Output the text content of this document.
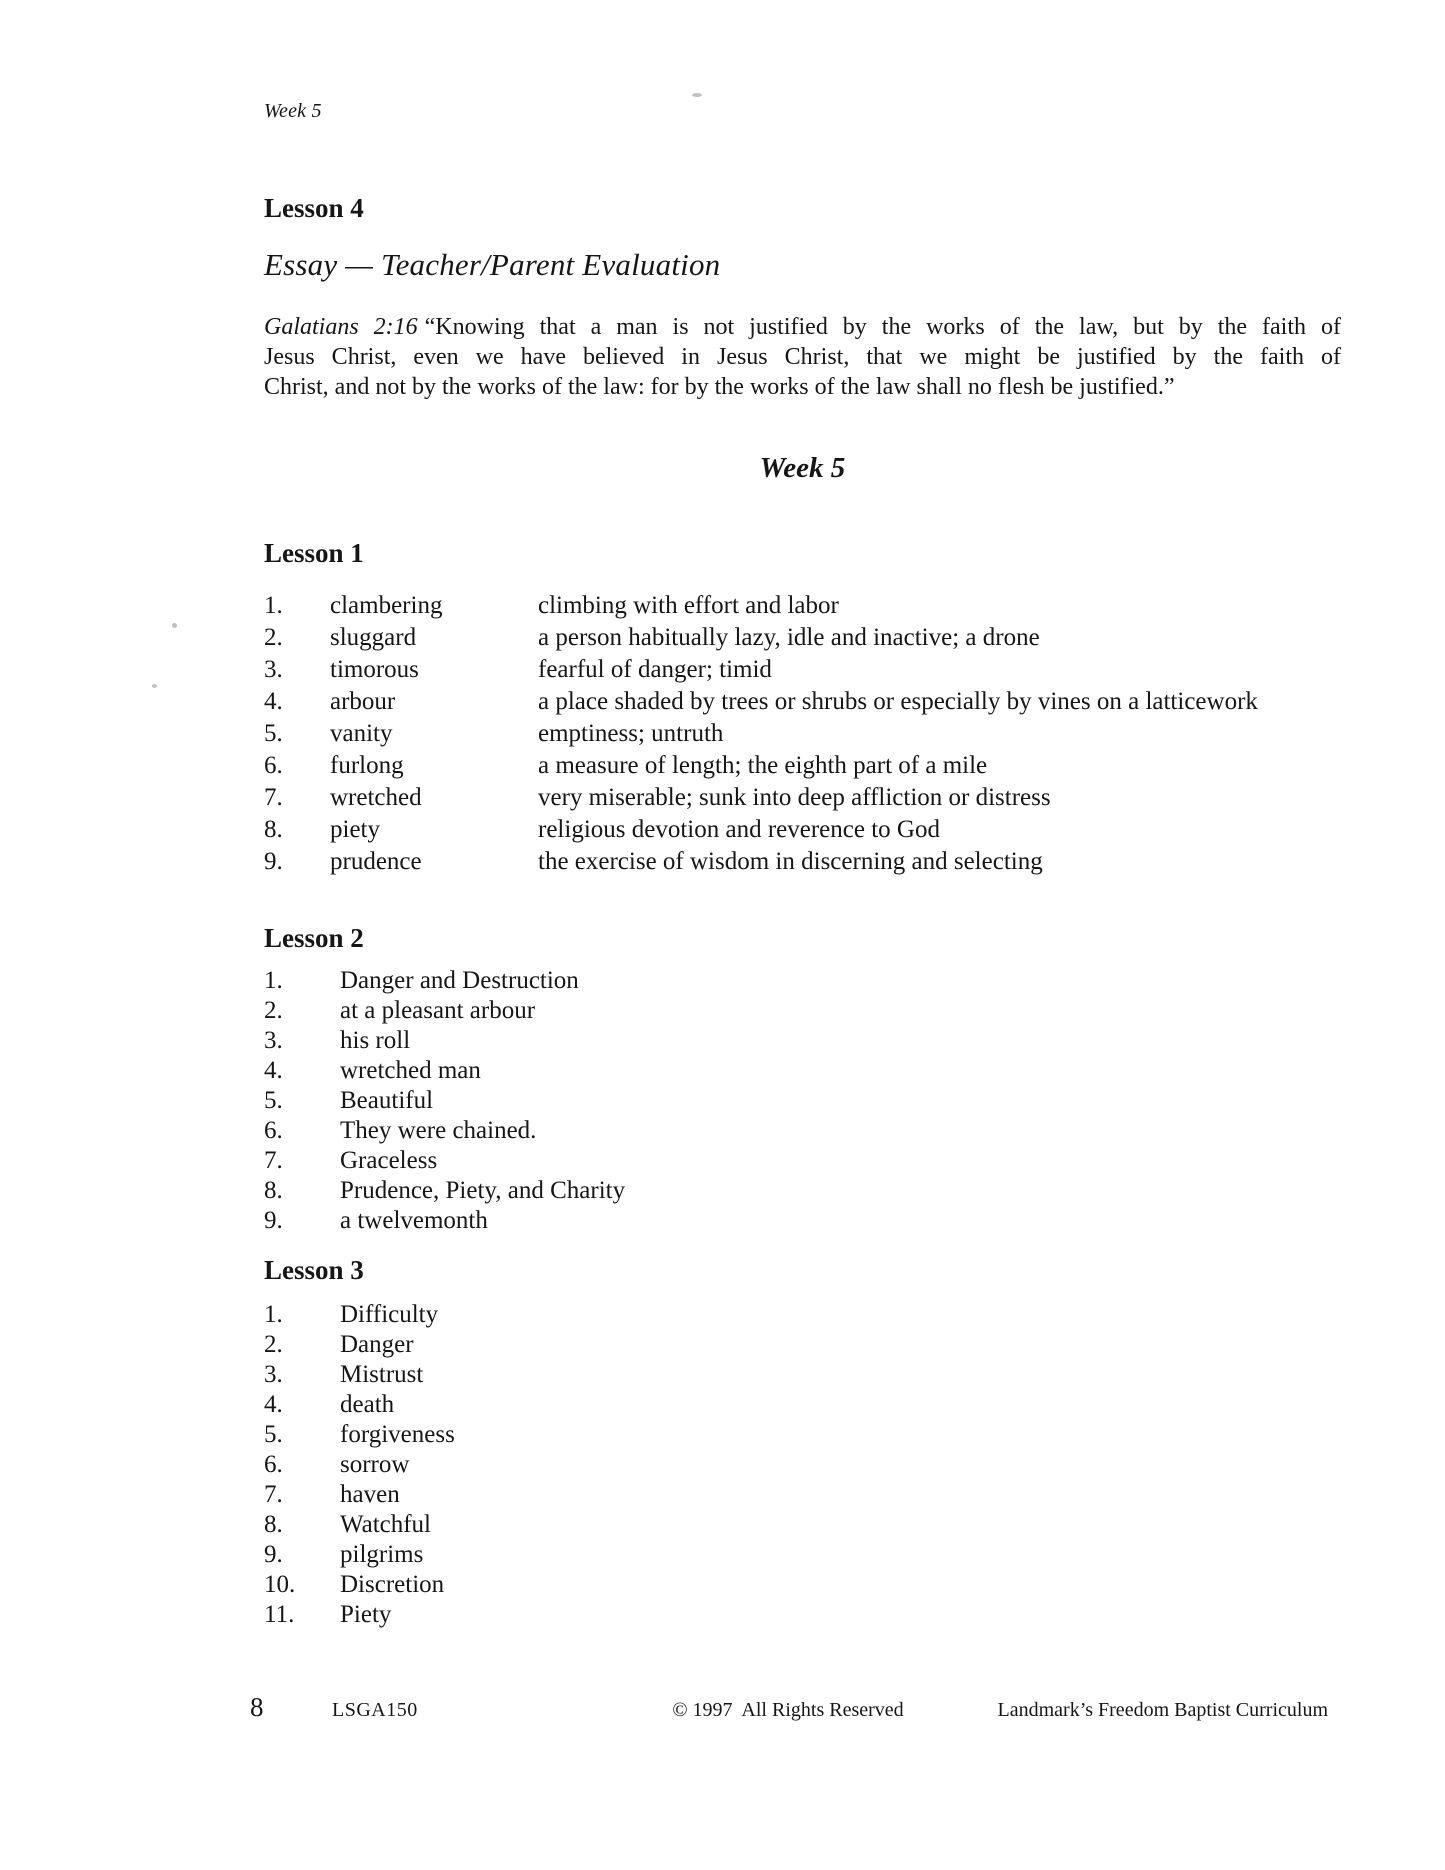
Week 5
Lesson 4
Essay — Teacher/Parent Evaluation
Galatians 2:16 “Knowing that a man is not justified by the works of the law, but by the faith of
Jesus Christ, even we have believed in Jesus Christ, that we might be justified by the faith of
Christ, and not by the works of the law: for by the works of the law shall no flesh be justified.”
Week 5
Lesson 1
1.	clambering	climbing with effort and labor
2.	sluggard	a person habitually lazy, idle and inactive; a drone
3.	timorous	fearful of danger; timid
4.	arbour	a place shaded by trees or shrubs or especially by vines on a latticework
5.	vanity	emptiness; untruth
6.	furlong	a measure of length; the eighth part of a mile
7.	wretched	very miserable; sunk into deep affliction or distress
8.	piety	religious devotion and reverence to God
9.	prudence	the exercise of wisdom in discerning and selecting
Lesson 2
1.	Danger and Destruction
2.	at a pleasant arbour
3.	his roll
4.	wretched man
5.	Beautiful
6.	They were chained.
7.	Graceless
8.	Prudence, Piety, and Charity
9.	a twelvemonth
Lesson 3
1.	Difficulty
2.	Danger
3.	Mistrust
4.	death
5.	forgiveness
6.	sorrow
7.	haven
8.	Watchful
9.	pilgrims
10.	Discretion
11.	Piety
8	LSGA150	© 1997  All Rights Reserved	Landmark’s Freedom Baptist Curriculum
